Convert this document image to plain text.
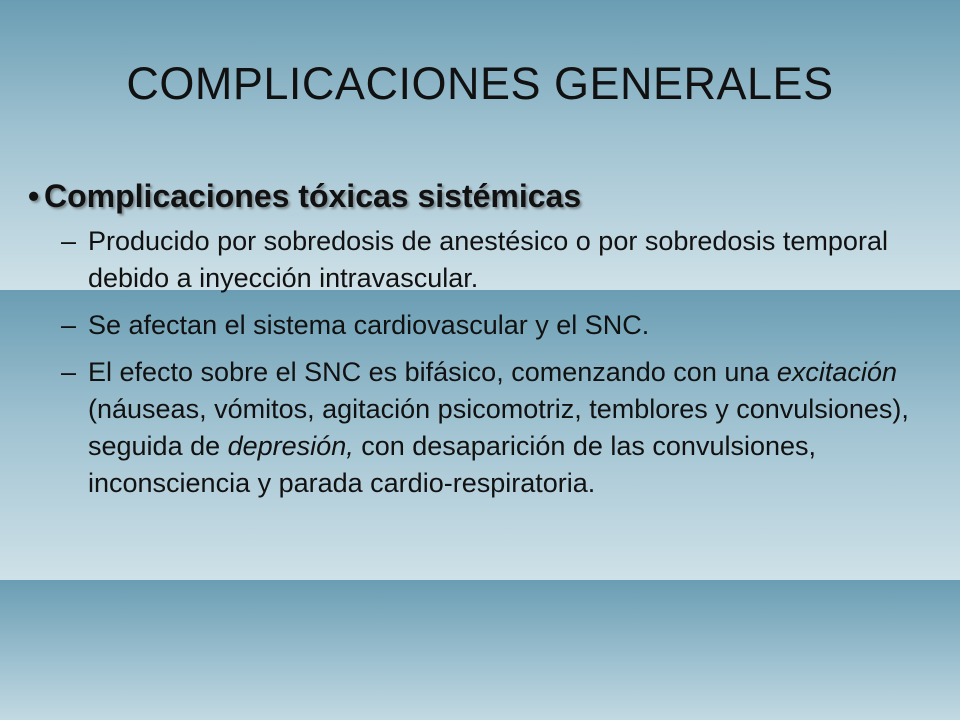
COMPLICACIONES GENERALES
• Complicaciones tóxicas sistémicas
– Producido por sobredosis de anestésico o por sobredosis temporal debido a inyección intravascular.
– Se afectan el sistema cardiovascular y el SNC.
– El efecto sobre el SNC es bifásico, comenzando con una excitación (náuseas, vómitos, agitación psicomotriz, temblores y convulsiones), seguida de depresión, con desaparición de las convulsiones, inconsciencia y parada cardio-respiratoria.
